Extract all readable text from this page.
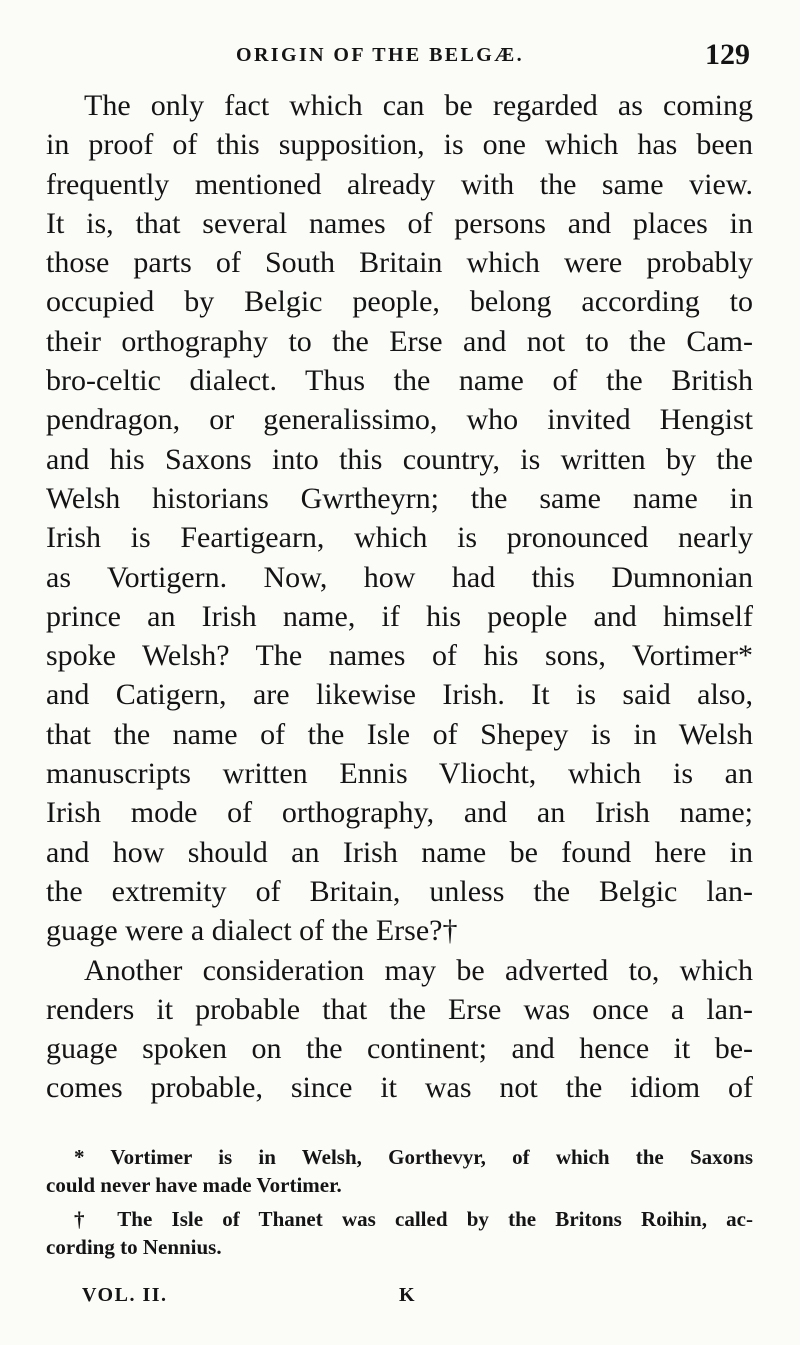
ORIGIN OF THE BELGÆ.	129
The only fact which can be regarded as coming
in proof of this supposition, is one which has been
frequently mentioned already with the same view.
It is, that several names of persons and places in
those parts of South Britain which were probably
occupied by Belgic people, belong according to
their orthography to the Erse and not to the Cam-
bro-celtic dialect. Thus the name of the British
pendragon, or generalissimo, who invited Hengist
and his Saxons into this country, is written by the
Welsh historians Gwrtheyrn; the same name in
Irish is Feartigearn, which is pronounced nearly
as Vortigern. Now, how had this Dumnonian
prince an Irish name, if his people and himself
spoke Welsh? The names of his sons, Vortimer*
and Catigern, are likewise Irish. It is said also,
that the name of the Isle of Shepey is in Welsh
manuscripts written Ennis Vliocht, which is an
Irish mode of orthography, and an Irish name;
and how should an Irish name be found here in
the extremity of Britain, unless the Belgic lan-
guage were a dialect of the Erse?†
Another consideration may be adverted to, which
renders it probable that the Erse was once a lan-
guage spoken on the continent; and hence it be-
comes probable, since it was not the idiom of
* Vortimer is in Welsh, Gorthevyr, of which the Saxons
could never have made Vortimer.
† The Isle of Thanet was called by the Britons Roihin, ac-
cording to Nennius.
VOL. II.	K
